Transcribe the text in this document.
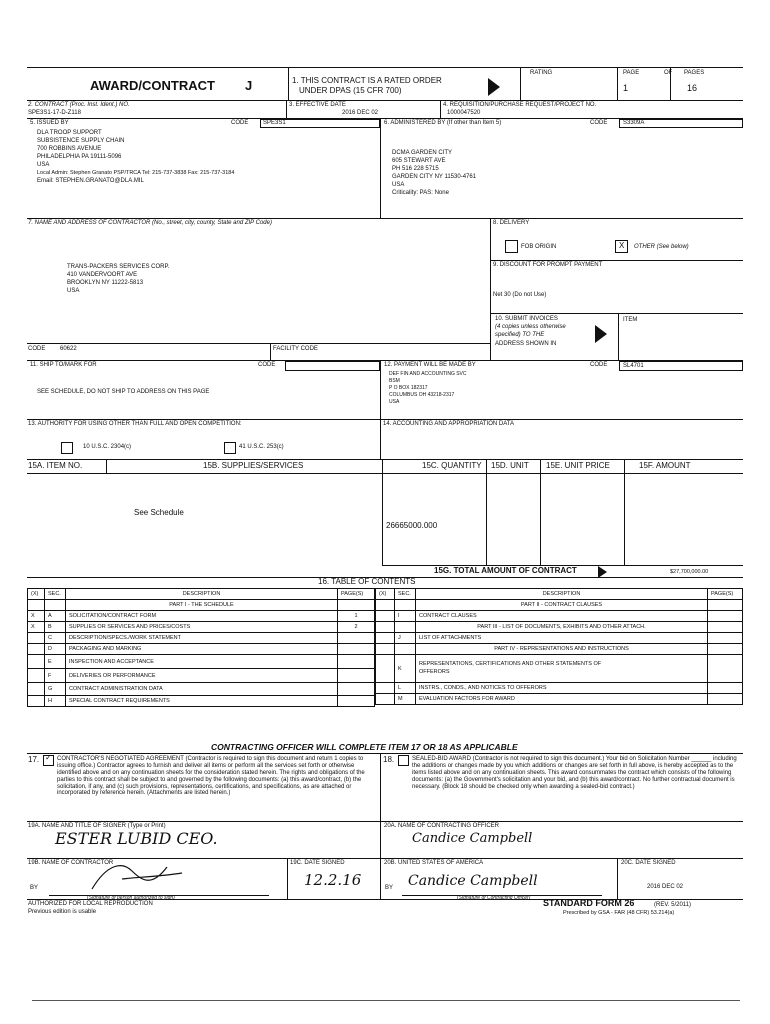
AWARD/CONTRACT J	1. THIS CONTRACT IS A RATED ORDER
UNDER DPAS (15 CFR 700)
RATING	PAGE
1
OF PAGES
16
2. CONTRACT (Proc. Inst. Ident.) NO.
SPE3S1-17-D-Z118
3. EFFECTIVE DATE
2016 DEC 02
4. REQUISITION/PURCHASE REQUEST/PROJECT NO.
1000047520
5. ISSUED BY	CODE SPE3S1
DLA TROOP SUPPORT
SUBSISTENCE SUPPLY CHAIN
700 ROBBINS AVENUE
PHILADELPHIA PA 19111-5096
USA
Local Admin: Stephen Granato PSP/TRCA Tel: 215-737-3838 Fax: 215-737-3184
Email: STEPHEN.GRANATO@DLA.MIL
6. ADMINISTERED BY (If other than Item 5)	CODE	S3309A
DCMA GARDEN CITY
605 STEWART AVE
PH 516 228 5715
GARDEN CITY NY 11530-4761
USA
Criticality: PAS: None
7. NAME AND ADDRESS OF CONTRACTOR (No., street, city, county, State and ZIP Code)
TRANS-PACKERS SERVICES CORP.
410 VANDERVOORT AVE
BROOKLYN NY 11222-5813
USA
CODE 60622	FACILITY CODE
8. DELIVERY
FOB ORIGIN	X OTHER (See below)
9. DISCOUNT FOR PROMPT PAYMENT
Net 30 (Do not Use)
10. SUBMIT INVOICES
(4 copies unless otherwise
specified) TO THE
ADDRESS SHOWN IN
ITEM
11. SHIP TO/MARK FOR	CODE
SEE SCHEDULE, DO NOT SHIP TO ADDRESS ON THIS PAGE
12. PAYMENT WILL BE MADE BY	CODE	SL4701
DEF FIN AND ACCOUNTING SVC
BSM
P O BOX 182317
COLUMBUS OH 43218-2317
USA
13. AUTHORITY FOR USING OTHER THAN FULL AND OPEN COMPETITION:
10 U.S.C. 2304(c)	41 U.S.C. 253(c)
14. ACCOUNTING AND APPROPRIATION DATA
15A. ITEM NO.	15B. SUPPLIES/SERVICES	15C. QUANTITY 15D. UNIT 15E. UNIT PRICE	15F. AMOUNT
See Schedule
26665000.000
15G. TOTAL AMOUNT OF CONTRACT	$27,700,000.00
16. TABLE OF CONTENTS
(X)	SEC.	DESCRIPTION	PAGE(S)
		PART I - THE SCHEDULE	
X	A	SOLICITATION/CONTRACT FORM	1
X	B	SUPPLIES OR SERVICES AND PRICES/COSTS	2
	C	DESCRIPTION/SPECS./WORK STATEMENT	
	D	PACKAGING AND MARKING	
	E	INSPECTION AND ACCEPTANCE	
	F	DELIVERIES OR PERFORMANCE	
	G	CONTRACT ADMINISTRATION DATA	
	H	SPECIAL CONTRACT REQUIREMENTS	
(X)	SEC.	DESCRIPTION	PAGE(S)
		PART II - CONTRACT CLAUSES	
	I	CONTRACT CLAUSES	
		PART III - LIST OF DOCUMENTS, EXHIBITS AND OTHER ATTACH.	
	J	LIST OF ATTACHMENTS	
		PART IV - REPRESENTATIONS AND INSTRUCTIONS	
	K	REPRESENTATIONS, CERTIFICATIONS AND OTHER STATEMENTS OF
OFFERORS	
	L	INSTRS., CONDS., AND NOTICES TO OFFERORS	
	M	EVALUATION FACTORS FOR AWARD	
CONTRACTING OFFICER WILL COMPLETE ITEM 17 OR 18 AS APPLICABLE
17. ✓ CONTRACTOR'S NEGOTIATED AGREEMENT (Contractor is required to sign this document and return 1 copies to issuing office.) Contractor agrees to furnish and deliver all items or perform all the services set forth or otherwise identified above and on any continuation sheets for the consideration stated herein. The rights and obligations of the parties to this contract shall be subject to and governed by the following documents: (a) this award/contract, (b) the solicitation, if any, and (c) such provisions, representations, certifications, and specifications, as are attached or incorporated by reference herein. (Attachments are listed herein.)
18.	SEALED-BID AWARD (Contractor is not required to sign this document.) Your bid on Solicitation Number ______ including the additions or changes made by you which additions or changes are set forth in full above, is hereby accepted as to the items listed above and on any continuation sheets. This award consummates the contract which consists of the following documents: (a) the Government's solicitation and your bid, and (b) this award/contract. No further contractual document is necessary. (Block 18 should be checked only when awarding a sealed-bid contract.)
19A. NAME AND TITLE OF SIGNER (Type or Print)
ESTER LUBID CEO.
20A. NAME OF CONTRACTING OFFICER
Candice Campbell
19B. NAME OF CONTRACTOR
BY
(Signature of person authorized to sign)
19C. DATE SIGNED
12.2.16
20B. UNITED STATES OF AMERICA
BY Candice Campbell
(Signature of Contracting Officer)
20C. DATE SIGNED
2016 DEC 02
AUTHORIZED FOR LOCAL REPRODUCTION
Previous edition is usable
STANDARD FORM 26	(REV. 5/2011)
Prescribed by GSA - FAR (48 CFR) 53.214(a)
